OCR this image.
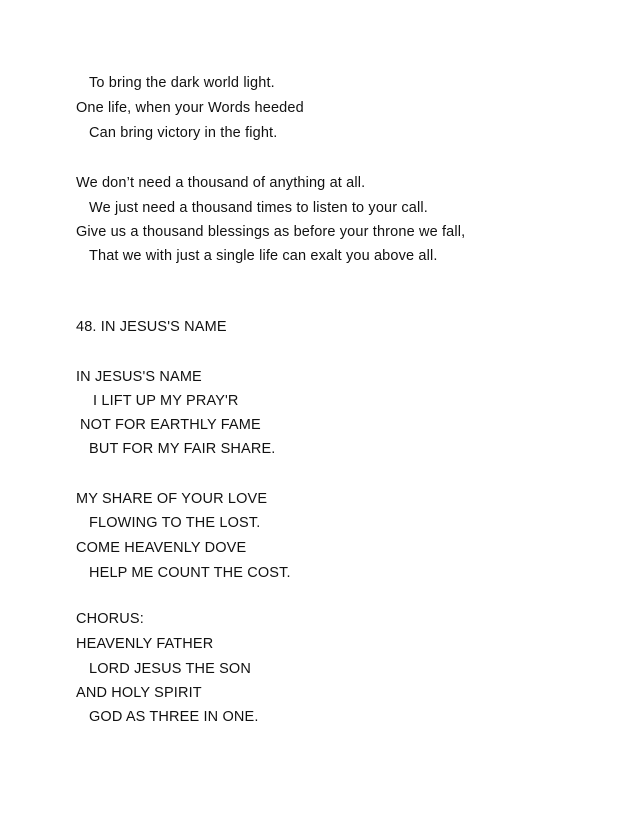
To bring the dark world light.
One life, when your Words heeded
Can bring victory in the fight.
We don’t need a thousand of anything at all.
We just need a thousand times to listen to your call.
Give us a thousand blessings as before your throne we fall,
That we with just a single life can exalt you above all.
48. IN JESUS'S NAME
IN JESUS'S NAME
I LIFT UP MY PRAY'R
NOT FOR EARTHLY FAME
BUT FOR MY FAIR SHARE.
MY SHARE OF YOUR LOVE
FLOWING TO THE LOST.
COME HEAVENLY DOVE
HELP ME COUNT THE COST.
CHORUS:
HEAVENLY FATHER
LORD JESUS THE SON
AND HOLY SPIRIT
GOD AS THREE IN ONE.
